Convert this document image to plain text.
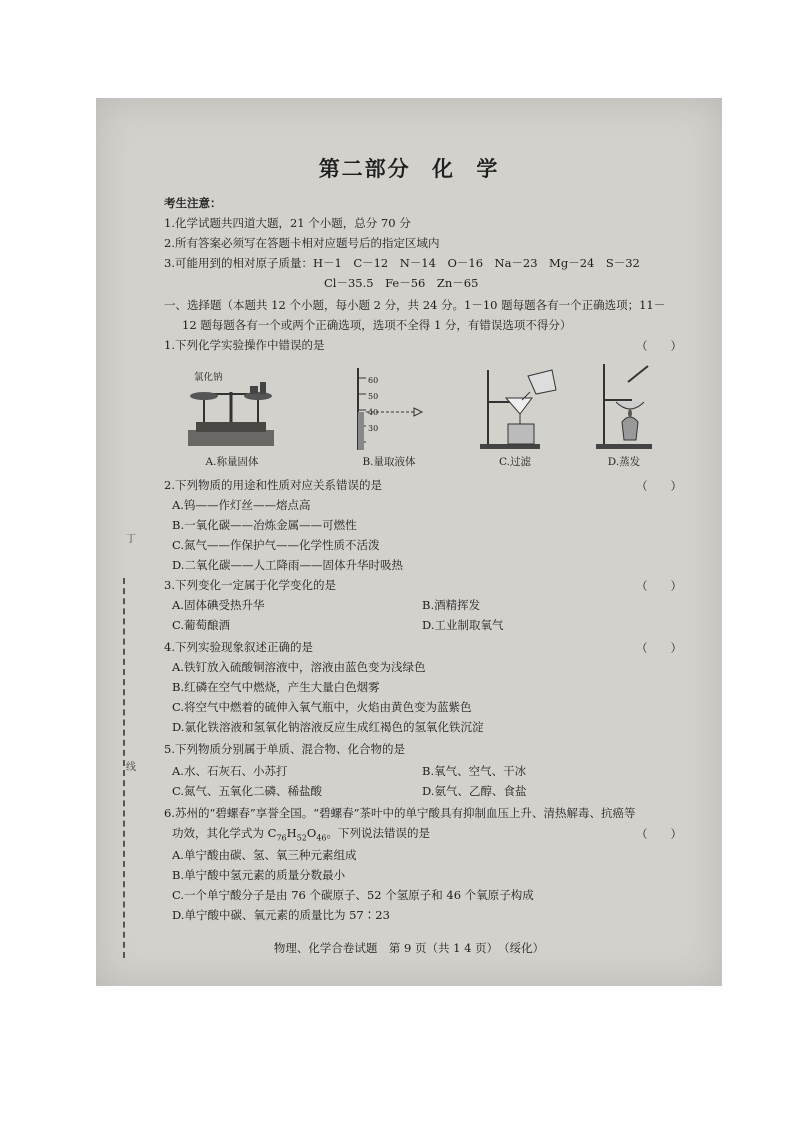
丁
线
第二部分 化 学
考生注意：
1.化学试题共四道大题，21 个小题，总分 70 分
2.所有答案必须写在答题卡相对应题号后的指定区域内
3.可能用到的相对原子质量：H－1　C－12　N－14　O－16　Na－23　Mg－24　S－32
Cl－35.5　Fe－56　Zn－65
一、选择题（本题共 12 个小题，每小题 2 分，共 24 分。1－10 题每题各有一个正确选项；11－
12 题每题各有一个或两个正确选项，选项不全得 1 分，有错误选项不得分）
1.下列化学实验操作中错误的是	（　　）
氯化钠
A.称量固体
60
50
40
30
B.量取液体	C.过滤	D.蒸发
2.下列物质的用途和性质对应关系错误的是	（　　）
A.钨——作灯丝——熔点高
B.一氧化碳——冶炼金属——可燃性
C.氮气——作保护气——化学性质不活泼
D.二氧化碳——人工降雨——固体升华时吸热
3.下列变化一定属于化学变化的是	（　　）
A.固体碘受热升华	B.酒精挥发
C.葡萄酿酒	D.工业制取氧气
4.下列实验现象叙述正确的是	（　　）
A.铁钉放入硫酸铜溶液中，溶液由蓝色变为浅绿色
B.红磷在空气中燃烧，产生大量白色烟雾
C.将空气中燃着的硫伸入氧气瓶中，火焰由黄色变为蓝紫色
D.氯化铁溶液和氢氧化钠溶液反应生成红褐色的氢氧化铁沉淀
5.下列物质分别属于单质、混合物、化合物的是
A.水、石灰石、小苏打	B.氧气、空气、干冰
C.氮气、五氧化二磷、稀盐酸	D.氨气、乙醇、食盐
6.苏州的“碧螺春”享誉全国。“碧螺春”茶叶中的单宁酸具有抑制血压上升、清热解毒、抗癌等
功效，其化学式为 $C_{76}H_{52}O_{46}$。下列说法错误的是	（　　）
A.单宁酸由碳、氢、氧三种元素组成
B.单宁酸中氢元素的质量分数最小
C.一个单宁酸分子是由 76 个碳原子、52 个氢原子和 46 个氧原子构成
D.单宁酸中碳、氧元素的质量比为 57∶23
物理、化学合卷试题　第 9 页（共 1 4 页）　（绥化）
